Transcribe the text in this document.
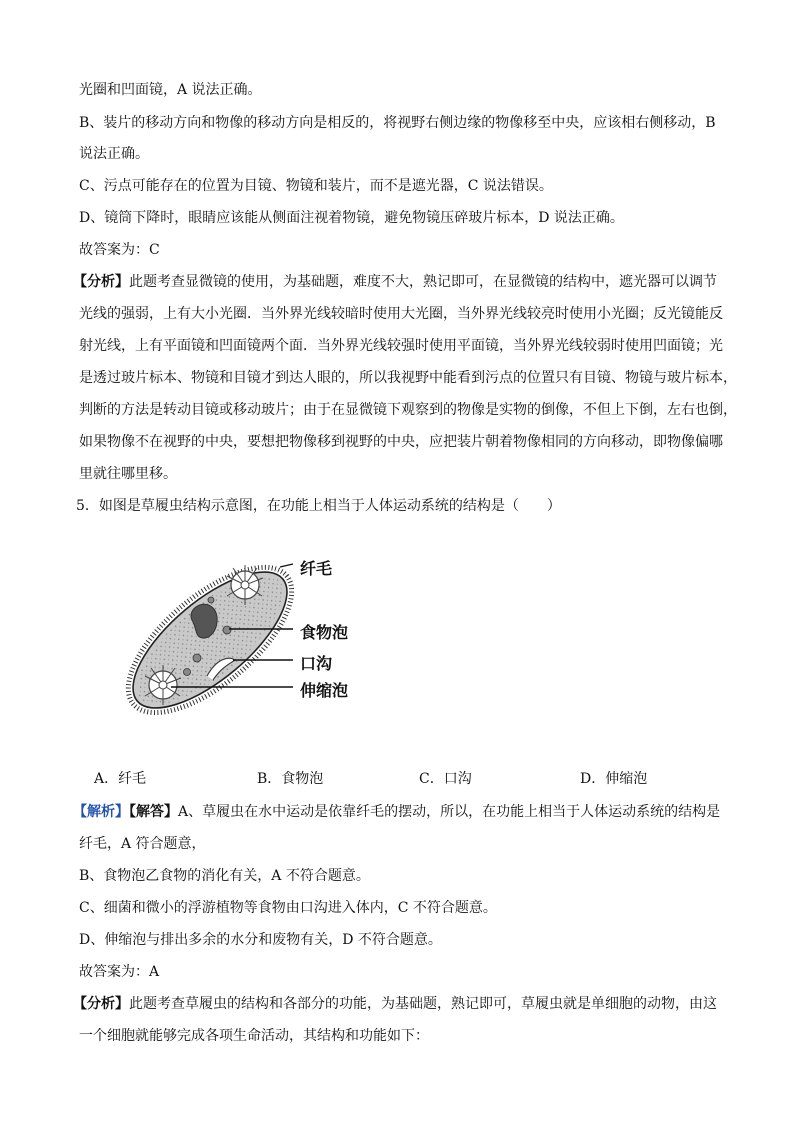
光圈和凹面镜，A 说法正确。
B、装片的移动方向和物像的移动方向是相反的，将视野右侧边缘的物像移至中央，应该相右侧移动，B
说法正确。
C、污点可能存在的位置为目镜、物镜和装片，而不是遮光器，C 说法错误。
D、镜筒下降时，眼睛应该能从侧面注视着物镜，避免物镜压碎玻片标本，D 说法正确。
故答案为：C
【分析】此题考查显微镜的使用，为基础题，难度不大，熟记即可，在显微镜的结构中，遮光器可以调节
光线的强弱，上有大小光圈．当外界光线较暗时使用大光圈，当外界光线较亮时使用小光圈；反光镜能反
射光线，上有平面镜和凹面镜两个面．当外界光线较强时使用平面镜，当外界光线较弱时使用凹面镜；光
是透过玻片标本、物镜和目镜才到达人眼的，所以我视野中能看到污点的位置只有目镜、物镜与玻片标本，
判断的方法是转动目镜或移动玻片；由于在显微镜下观察到的物像是实物的倒像，不但上下倒，左右也倒，
如果物像不在视野的中央，要想把物像移到视野的中央，应把装片朝着物像相同的方向移动，即物像偏哪
里就往哪里移。
5．如图是草履虫结构示意图，在功能上相当于人体运动系统的结构是（　　）
纤毛
食物泡
口沟
伸缩泡
A．纤毛	B．食物泡	C．口沟	D．伸缩泡
【解析】【解答】A、草履虫在水中运动是依靠纤毛的摆动，所以，在功能上相当于人体运动系统的结构是
纤毛，A 符合题意，
B、食物泡乙食物的消化有关，A 不符合题意。
C、细菌和微小的浮游植物等食物由口沟进入体内，C 不符合题意。
D、伸缩泡与排出多余的水分和废物有关，D 不符合题意。
故答案为：A
【分析】此题考查草履虫的结构和各部分的功能，为基础题，熟记即可，草履虫就是单细胞的动物，由这
一个细胞就能够完成各项生命活动，其结构和功能如下：
